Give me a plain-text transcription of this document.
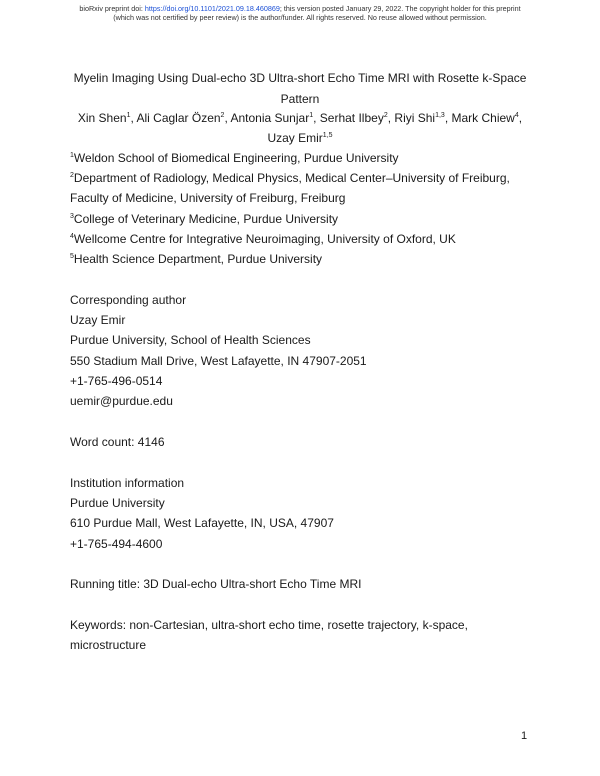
bioRxiv preprint doi: https://doi.org/10.1101/2021.09.18.460869; this version posted January 29, 2022. The copyright holder for this preprint
(which was not certified by peer review) is the author/funder. All rights reserved. No reuse allowed without permission.
Myelin Imaging Using Dual-echo 3D Ultra-short Echo Time MRI with Rosette k-Space
Pattern
Xin Shen$^1$, Ali Caglar Özen$^2$, Antonia Sunjar$^1$, Serhat Ilbey$^2$, Riyi Shi$^{1,3}$, Mark Chiew$^4$,
Uzay Emir$^{1,5}$
$^1$Weldon School of Biomedical Engineering, Purdue University
$^2$Department of Radiology, Medical Physics, Medical Center–University of Freiburg, Faculty of Medicine, University of Freiburg, Freiburg
$^3$College of Veterinary Medicine, Purdue University
$^4$Wellcome Centre for Integrative Neuroimaging, University of Oxford, UK
$^5$Health Science Department, Purdue University

Corresponding author

Uzay Emir

Purdue University, School of Health Sciences

550 Stadium Mall Drive, West Lafayette, IN 47907-2051

+1-765-496-0514

uemir@purdue.edu

Word count: 4146

Institution information

Purdue University

610 Purdue Mall, West Lafayette, IN, USA, 47907

+1-765-494-4600

Running title: 3D Dual-echo Ultra-short Echo Time MRI
Keywords: non-Cartesian, ultra-short echo time, rosette trajectory, k-space, microstructure
1
